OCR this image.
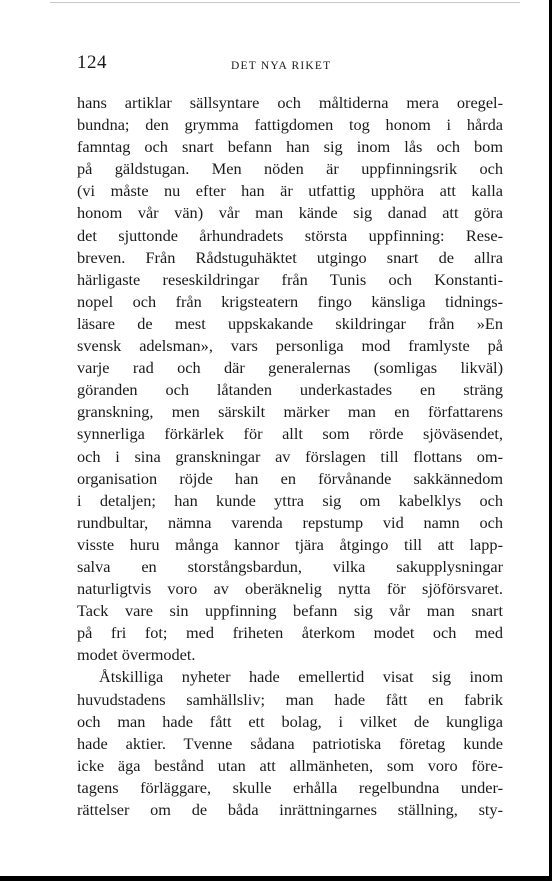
124	DET NYA RIKET
hans artiklar sällsyntare och måltiderna mera oregel-
bundna; den grymma fattigdomen tog honom i hårda
famntag och snart befann han sig inom lås och bom
på gäldstugan. Men nöden är uppfinningsrik och
(vi måste nu efter han är utfattig upphöra att kalla
honom vår vän) vår man kände sig danad att göra
det sjuttonde århundradets största uppfinning: Rese-
breven. Från Rådstuguhäktet utgingo snart de allra
härligaste reseskildringar från Tunis och Konstanti-
nopel och från krigsteatern fingo känsliga tidnings-
läsare de mest uppskakande skildringar från »En
svensk adelsman», vars personliga mod framlyste på
varje rad och där generalernas (somligas likväl)
göranden och låtanden underkastades en sträng
granskning, men särskilt märker man en författarens
synnerliga förkärlek för allt som rörde sjöväsendet,
och i sina granskningar av förslagen till flottans om-
organisation röjde han en förvånande sakkännedom
i detaljen; han kunde yttra sig om kabelklys och
rundbultar, nämna varenda repstump vid namn och
visste huru många kannor tjära åtgingo till att lapp-
salva en storstångsbardun, vilka sakupplysningar
naturligtvis voro av oberäknelig nytta för sjöförsvaret.
Tack vare sin uppfinning befann sig vår man snart
på fri fot; med friheten återkom modet och med
modet övermodet.
Åtskilliga nyheter hade emellertid visat sig inom
huvudstadens samhällsliv; man hade fått en fabrik
och man hade fått ett bolag, i vilket de kungliga
hade aktier. Tvenne sådana patriotiska företag kunde
icke äga bestånd utan att allmänheten, som voro före-
tagens förläggare, skulle erhålla regelbundna under-
rättelser om de båda inrättningarnes ställning, sty-
